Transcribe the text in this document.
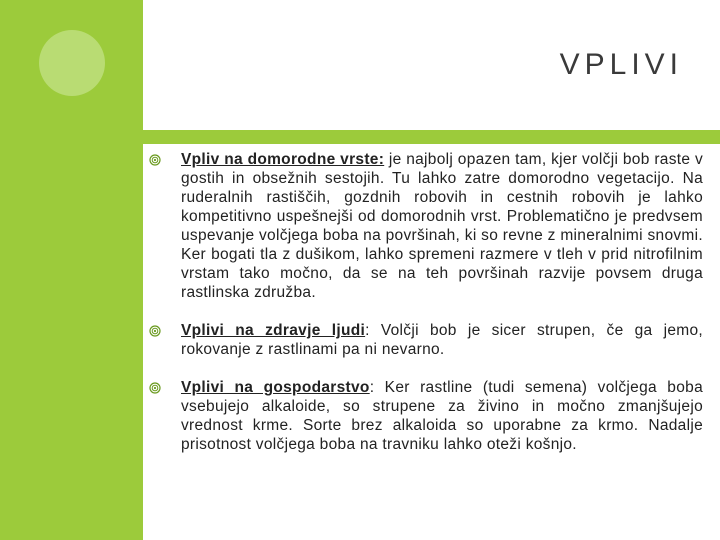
VPLIVI
Vpliv na domorodne vrste: je najbolj opazen tam, kjer volčji bob raste v gostih in obsežnih sestojih. Tu lahko zatre domorodno vegetacijo. Na ruderalnih rastiščih, gozdnih robovih in cestnih robovih je lahko kompetitivno uspešnejši od domorodnih vrst. Problematično je predvsem uspevanje volčjega boba na površinah, ki so revne z mineralnimi snovmi. Ker bogati tla z dušikom, lahko spremeni razmere v tleh v prid nitrofilnim vrstam tako močno, da se na teh površinah razvije povsem druga rastlinska združba.
Vplivi na zdravje ljudi: Volčji bob je sicer strupen, če ga jemo, rokovanje z rastlinami pa ni nevarno.
Vplivi na gospodarstvo: Ker rastline (tudi semena) volčjega boba vsebujejo alkaloide, so strupene za živino in močno zmanjšujejo vrednost krme. Sorte brez alkaloida so uporabne za krmo. Nadalje prisotnost volčjega boba na travniku lahko oteži košnjo.
